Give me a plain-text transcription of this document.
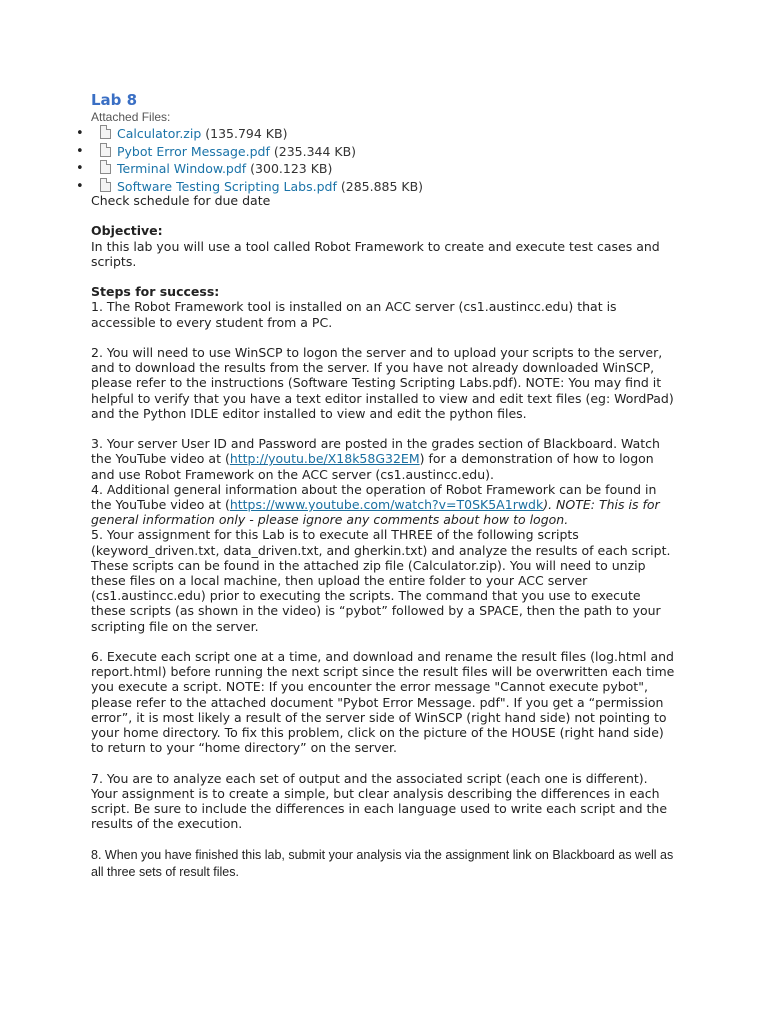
Lab 8
Attached Files:
•	Calculator.zip (135.794 KB)
•	Pybot Error Message.pdf (235.344 KB)
•	Terminal Window.pdf (300.123 KB)
•	Software Testing Scripting Labs.pdf (285.885 KB)

Check schedule for due date

Objective:

In this lab you will use a tool called Robot Framework to create and execute test cases and

scripts.

Steps for success:

1. The Robot Framework tool is installed on an ACC server (cs1.austincc.edu) that is

accessible to every student from a PC.

2. You will need to use WinSCP to logon the server and to upload your scripts to the server,

and to download the results from the server. If you have not already downloaded WinSCP,

please refer to the instructions (Software Testing Scripting Labs.pdf). NOTE: You may find it

helpful to verify that you have a text editor installed to view and edit text files (eg: WordPad)

and the Python IDLE editor installed to view and edit the python files.

3. Your server User ID and Password are posted in the grades section of Blackboard. Watch

the YouTube video at (http://youtu.be/X18k58G32EM) for a demonstration of how to logon

and use Robot Framework on the ACC server (cs1.austincc.edu).

4. Additional general information about the operation of Robot Framework can be found in

the YouTube video at (https://www.youtube.com/watch?v=T0SK5A1rwdk). NOTE: This is for

general information only - please ignore any comments about how to logon.

5. Your assignment for this Lab is to execute all THREE of the following scripts

(keyword_driven.txt, data_driven.txt, and gherkin.txt) and analyze the results of each script.

These scripts can be found in the attached zip file (Calculator.zip). You will need to unzip

these files on a local machine, then upload the entire folder to your ACC server

(cs1.austincc.edu) prior to executing the scripts. The command that you use to execute

these scripts (as shown in the video) is “pybot” followed by a SPACE, then the path to your

scripting file on the server.

6. Execute each script one at a time, and download and rename the result files (log.html and

report.html) before running the next script since the result files will be overwritten each time

you execute a script. NOTE: If you encounter the error message "Cannot execute pybot",

please refer to the attached document "Pybot Error Message. pdf". If you get a “permission

error”, it is most likely a result of the server side of WinSCP (right hand side) not pointing to

your home directory. To fix this problem, click on the picture of the HOUSE (right hand side)

to return to your “home directory” on the server.

7. You are to analyze each set of output and the associated script (each one is different).

Your assignment is to create a simple, but clear analysis describing the differences in each

script. Be sure to include the differences in each language used to write each script and the

results of the execution.

8. When you have finished this lab, submit your analysis via the assignment link on Blackboard as well as

all three sets of result files.
